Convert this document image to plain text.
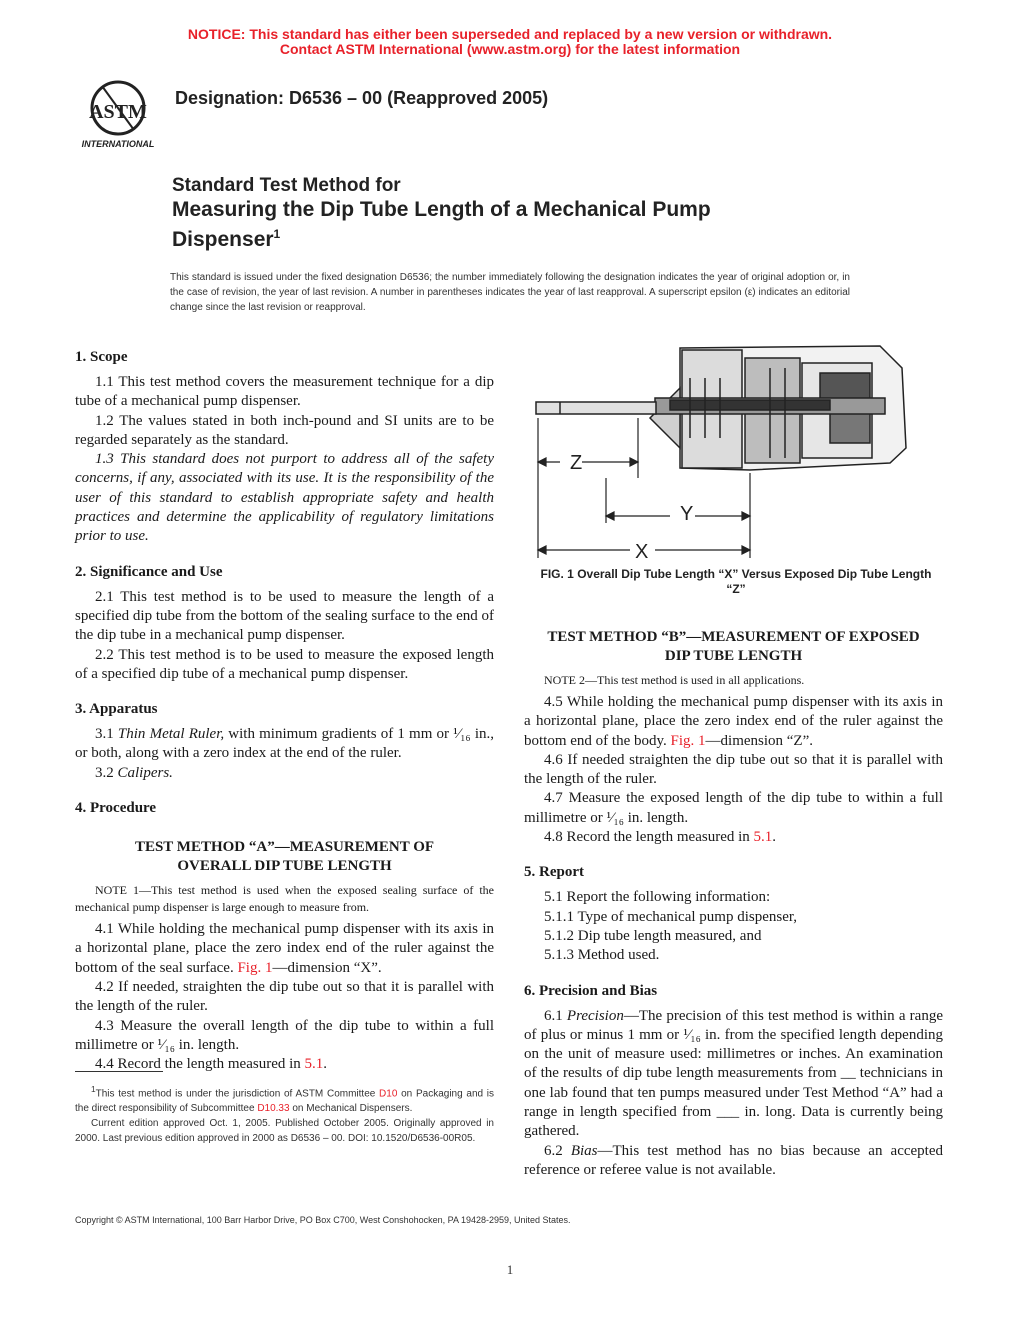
NOTICE: This standard has either been superseded and replaced by a new version or withdrawn.
Contact ASTM International (www.astm.org) for the latest information
ASTM
INTERNATIONAL
Designation: D6536 – 00 (Reapproved 2005)
Standard Test Method for
Measuring the Dip Tube Length of a Mechanical Pump
Dispenser$^1$
This standard is issued under the fixed designation D6536; the number immediately following the designation indicates the year of original adoption or, in the case of revision, the year of last revision. A number in parentheses indicates the year of last reapproval. A superscript epsilon (ε) indicates an editorial change since the last revision or reapproval.
1. Scope

1.1 This test method covers the measurement technique for a dip tube of a mechanical pump dispenser.

1.2 The values stated in both inch-pound and SI units are to be regarded separately as the standard.

1.3 This standard does not purport to address all of the safety concerns, if any, associated with its use. It is the responsibility of the user of this standard to establish appropriate safety and health practices and determine the applicability of regulatory limitations prior to use.

2. Significance and Use

2.1 This test method is to be used to measure the length of a specified dip tube from the bottom of the sealing surface to the end of the dip tube in a mechanical pump dispenser.

2.2 This test method is to be used to measure the exposed length of a specified dip tube of a mechanical pump dispenser.

3. Apparatus

3.1 Thin Metal Ruler, with minimum gradients of 1 mm or ¹⁄₁₆ in., or both, along with a zero index at the end of the ruler.

3.2 Calipers.

4. Procedure
TEST METHOD “A”—MEASUREMENT OF
OVERALL DIP TUBE LENGTH

NOTE 1—This test method is used when the exposed sealing surface of the mechanical pump dispenser is large enough to measure from.

4.1 While holding the mechanical pump dispenser with its axis in a horizontal plane, place the zero index end of the ruler against the bottom of the seal surface. Fig. 1—dimension “X”.

4.2 If needed, straighten the dip tube out so that it is parallel with the length of the ruler.

4.3 Measure the overall length of the dip tube to within a full millimetre or ¹⁄₁₆ in. length.

4.4 Record the length measured in 5.1.

Z
Y
X
FIG. 1 Overall Dip Tube Length “X” Versus Exposed Dip Tube Length “Z”
TEST METHOD “B”—MEASUREMENT OF EXPOSED
DIP TUBE LENGTH

NOTE 2—This test method is used in all applications.

4.5 While holding the mechanical pump dispenser with its axis in a horizontal plane, place the zero index end of the ruler against the bottom end of the body. Fig. 1—dimension “Z”.

4.6 If needed straighten the dip tube out so that it is parallel with the length of the ruler.

4.7 Measure the exposed length of the dip tube to within a full millimetre or ¹⁄₁₆ in. length.

4.8 Record the length measured in 5.1.

5. Report

5.1 Report the following information:

5.1.1 Type of mechanical pump dispenser,

5.1.2 Dip tube length measured, and

5.1.3 Method used.

6. Precision and Bias

6.1 Precision—The precision of this test method is within a range of plus or minus 1 mm or ¹⁄₁₆ in. from the specified length depending on the unit of measure used: millimetres or inches. An examination of the results of dip tube length measurements from __ technicians in one lab found that ten pumps measured under Test Method “A” had a range in length specified from ___ in. long. Data is currently being gathered.

6.2 Bias—This test method has no bias because an accepted reference or referee value is not available.

$^1$This test method is under the jurisdiction of ASTM Committee D10 on Packaging and is the direct responsibility of Subcommittee D10.33 on Mechanical Dispensers.

Current edition approved Oct. 1, 2005. Published October 2005. Originally approved in 2000. Last previous edition approved in 2000 as D6536 – 00. DOI: 10.1520/D6536-00R05.

Copyright © ASTM International, 100 Barr Harbor Drive, PO Box C700, West Conshohocken, PA 19428-2959, United States.
1
